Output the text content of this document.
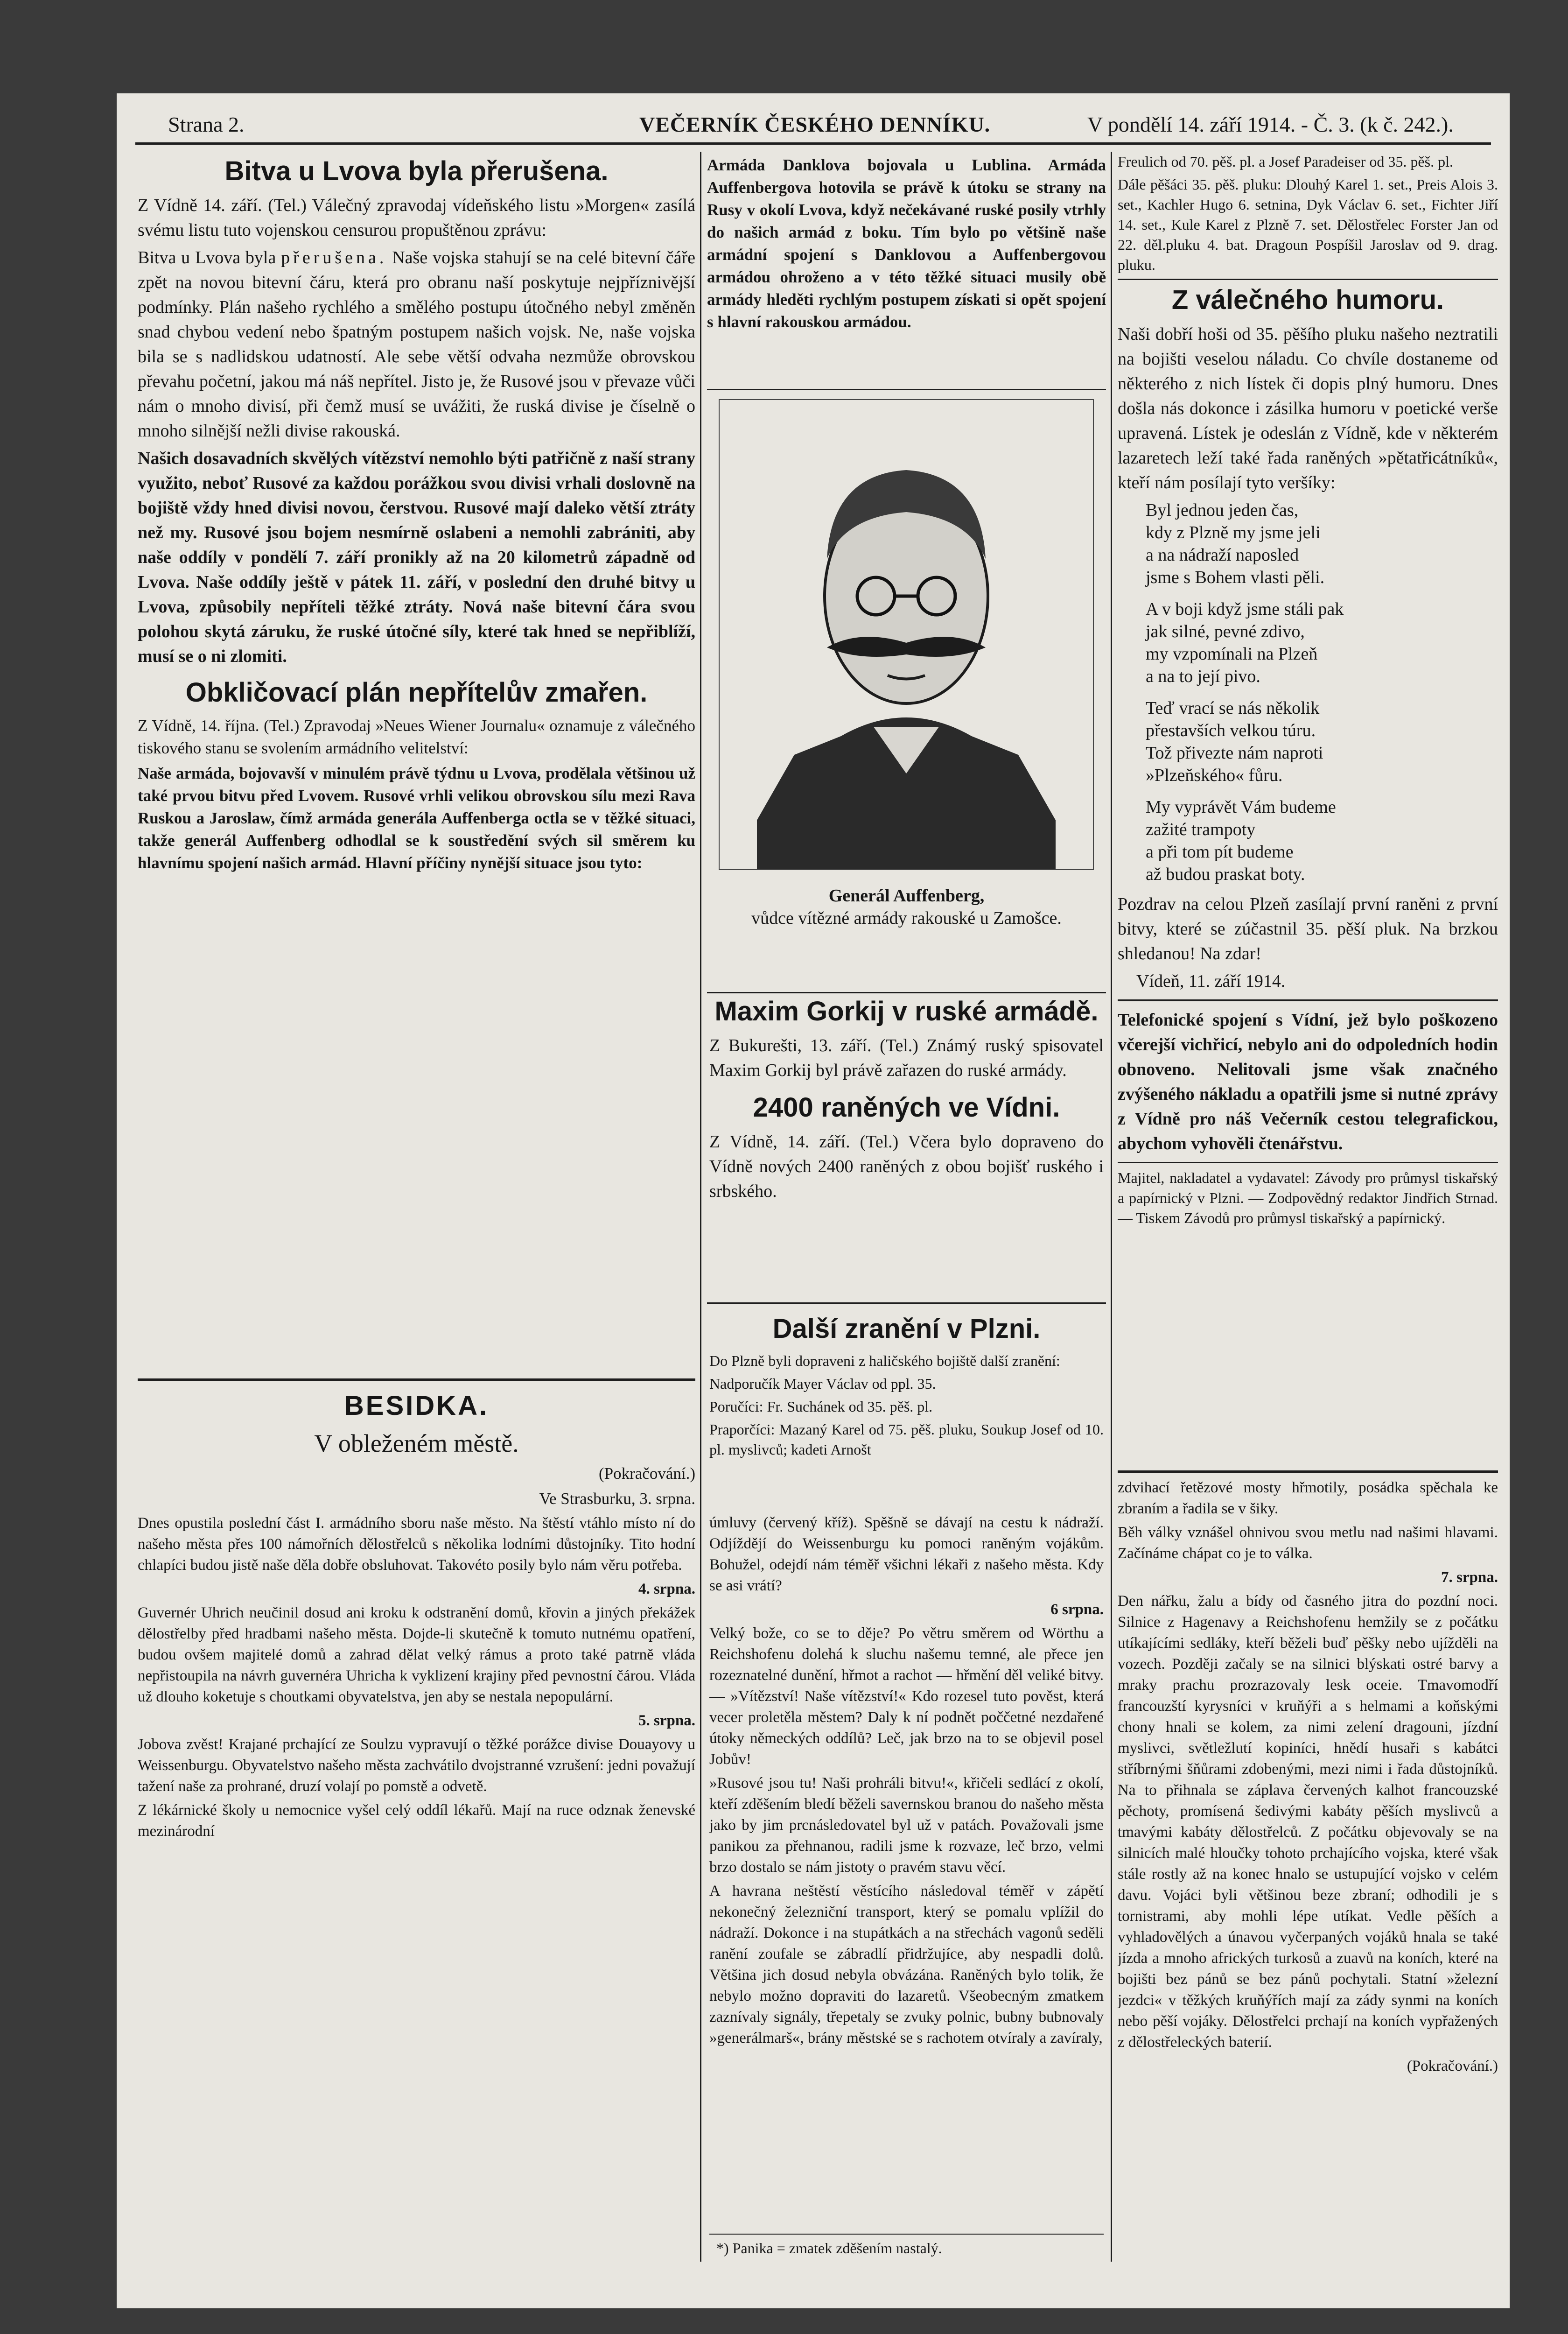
Strana 2.	VEČERNÍK ČESKÉHO DENNÍKU.	V pondělí 14. září 1914. - Č. 3. (k č. 242.).
Bitva u Lvova byla přerušena.

Z Vídně 14. září. (Tel.) Válečný zpravodaj vídeňského listu »Morgen« zasílá svému listu tuto vojenskou censurou propuštěnou zprávu:

Bitva u Lvova byla přerušena. Naše vojska stahují se na celé bitevní čáře zpět na novou bitevní čáru, která pro obranu naší poskytuje nejpříznivější podmínky. Plán našeho rychlého a smělého postupu útočného nebyl změněn snad chybou vedení nebo špatným postupem našich vojsk. Ne, naše vojska bila se s nadlidskou udatností. Ale sebe větší odvaha nezmůže obrovskou převahu početní, jakou má náš nepřítel. Jisto je, že Rusové jsou v převaze vůči nám o mnoho divisí, při čemž musí se uvážiti, že ruská divise je číselně o mnoho silnější nežli divise rakouská.

Našich dosavadních skvělých vítězství nemohlo býti patřičně z naší strany využito, neboť Rusové za každou porážkou svou divisi vrhali doslovně na bojiště vždy hned divisi novou, čerstvou. Rusové mají daleko větší ztráty než my. Rusové jsou bojem nesmírně oslabeni a nemohli zabrániti, aby naše oddíly v pondělí 7. září pronikly až na 20 kilometrů západně od Lvova. Naše oddíly ještě v pátek 11. září, v poslední den druhé bitvy u Lvova, způsobily nepříteli těžké ztráty. Nová naše bitevní čára svou polohou skytá záruku, že ruské útočné síly, které tak hned se nepřiblíží, musí se o ni zlomiti.

Obkličovací plán nepřítelův zmařen.

Z Vídně, 14. října. (Tel.) Zpravodaj »Neues Wiener Journalu« oznamuje z válečného tiskového stanu se svolením armádního velitelství:

Naše armáda, bojovavší v minulém právě týdnu u Lvova, prodělala většinou už také prvou bitvu před Lvovem. Rusové vrhli velikou obrovskou sílu mezi Rava Ruskou a Jaroslaw, čímž armáda generála Auffenberga octla se v těžké situaci, takže generál Auffenberg odhodlal se k soustředění svých sil směrem ku hlavnímu spojení našich armád. Hlavní příčiny nynější situace jsou tyto:

Armáda Danklova bojovala u Lublina. Armáda Auffenbergova hotovila se právě k útoku se strany na Rusy v okolí Lvova, když nečekávané ruské posily vtrhly do našich armád z boku. Tím bylo po většině naše armádní spojení s Danklovou a Auffenbergovou armádou ohroženo a v této těžké situaci musily obě armády hleděti rychlým postupem získati si opět spojení s hlavní rakouskou armádou.

Generál Auffenberg,
vůdce vítězné armády rakouské u Zamošce.
Maxim Gorkij v ruské armádě.

Z Bukurešti, 13. září. (Tel.) Známý ruský spisovatel Maxim Gorkij byl právě zařazen do ruské armády.

2400 raněných ve Vídni.

Z Vídně, 14. září. (Tel.) Včera bylo dopraveno do Vídně nových 2400 raněných z obou bojišť ruského i srbského.

Další zranění v Plzni.

Do Plzně byli dopraveni z haličského bojiště další zranění:

Nadporučík Mayer Václav od ppl. 35.

Poručíci: Fr. Suchánek od 35. pěš. pl.

Praporčíci: Mazaný Karel od 75. pěš. pluku, Soukup Josef od 10. pl. myslivců; kadeti Arnošt

Freulich od 70. pěš. pl. a Josef Paradeiser od 35. pěš. pl.

Dále pěšáci 35. pěš. pluku: Dlouhý Karel 1. set., Preis Alois 3. set., Kachler Hugo 6. setnina, Dyk Václav 6. set., Fichter Jiří 14. set., Kule Karel z Plzně 7. set. Dělostřelec Forster Jan od 22. děl.pluku 4. bat. Dragoun Pospíšil Jaroslav od 9. drag. pluku.

Z válečného humoru.

Naši dobří hoši od 35. pěšího pluku našeho neztratili na bojišti veselou náladu. Co chvíle dostaneme od některého z nich lístek či dopis plný humoru. Dnes došla nás dokonce i zásilka humoru v poetické verše upravená. Lístek je odeslán z Vídně, kde v některém lazaretech leží také řada raněných »pětatřicátníků«, kteří nám posílají tyto veršíky:

Byl jednou jeden čas,

kdy z Plzně my jsme jeli

a na nádraží naposled

jsme s Bohem vlasti pěli.

A v boji když jsme stáli pak

jak silné, pevné zdivo,

my vzpomínali na Plzeň

a na to její pivo.

Teď vrací se nás několik

přestavších velkou túru.

Tož přivezte nám naproti

»Plzeňského« fůru.

My vyprávět Vám budeme

zažité trampoty

a při tom pít budeme

až budou praskat boty.

Pozdrav na celou Plzeň zasílají první raněni z první bitvy, které se zúčastnil 35. pěší pluk. Na brzkou shledanou! Na zdar!

Vídeň, 11. září 1914.

Telefonické spojení s Vídní, jež bylo poškozeno včerejší vichřicí, nebylo ani do odpoledních hodin obnoveno. Nelitovali jsme však značného zvýšeného nákladu a opatřili jsme si nutné zprávy z Vídně pro náš Večerník cestou telegrafickou, abychom vyhověli čtenářstvu.

Majitel, nakladatel a vydavatel: Závody pro průmysl tiskařský a papírnický v Plzni. — Zodpovědný redaktor Jindřich Strnad. — Tiskem Závodů pro průmysl tiskařský a papírnický.

BESIDKA.
V obleženém městě.

(Pokračování.)

Ve Strasburku, 3. srpna.

Dnes opustila poslední část I. armádního sboru naše město. Na štěstí vtáhlo místo ní do našeho města přes 100 námořních dělostřelců s několika lodními důstojníky. Tito hodní chlapíci budou jistě naše děla dobře obsluhovat. Takovéto posily bylo nám věru potřeba.

4. srpna.

Guvernér Uhrich neučinil dosud ani kroku k odstranění domů, křovin a jiných překážek dělostřelby před hradbami našeho města. Dojde-li skutečně k tomuto nutnému opatření, budou ovšem majitelé domů a zahrad dělat velký rámus a proto také patrně vláda nepřistoupila na návrh guvernéra Uhricha k vyklizení krajiny před pevnostní čárou. Vláda už dlouho koketuje s choutkami obyvatelstva, jen aby se nestala nepopulární.

5. srpna.

Jobova zvěst! Krajané prchající ze Soulzu vypravují o těžké porážce divise Douayovy u Weissenburgu. Obyvatelstvo našeho města zachvátilo dvojstranné vzrušení: jedni považují tažení naše za prohrané, druzí volají po pomstě a odvetě.

Z lékárnické školy u nemocnice vyšel celý oddíl lékařů. Mají na ruce odznak ženevské mezinárodní

úmluvy (červený kříž). Spěšně se dávají na cestu k nádraží. Odjíždějí do Weissenburgu ku pomoci raněným vojákům. Bohužel, odejdí nám téměř všichni lékaři z našeho města. Kdy se asi vrátí?

6 srpna.

Velký bože, co se to děje? Po větru směrem od Wörthu a Reichshofenu dolehá k sluchu našemu temné, ale přece jen rozeznatelné dunění, hřmot a rachot — hřmění děl veliké bitvy. — »Vítězství! Naše vítězství!« Kdo rozesel tuto pověst, která vecer proletěla městem? Daly k ní podnět poččetné nezdařené útoky německých oddílů? Leč, jak brzo na to se objevil posel Jobův!

»Rusové jsou tu! Naši prohráli bitvu!«, křičeli sedlácí z okolí, kteří zděšením bledí běželi savernskou branou do našeho města jako by jim prcnásledovatel byl už v patách. Považovali jsme panikou za přehnanou, radili jsme k rozvaze, leč brzo, velmi brzo dostalo se nám jistoty o pravém stavu věcí.

A havrana neštěstí věstícího následoval téměř v zápětí nekonečný železniční transport, který se pomalu vplížil do nádraží. Dokonce i na stupátkách a na střechách vagonů seděli ranění zoufale se zábradlí přidržujíce, aby nespadli dolů. Většina jich dosud nebyla obvázána. Raněných bylo tolik, že nebylo možno dopraviti do lazaretů. Všeobecným zmatkem zaznívaly signály, třepetaly se zvuky polnic, bubny bubnovaly »generálmarš«, brány městské se s rachotem otvíraly a zavíraly,

*) Panika = zmatek zděšením nastalý.

zdvihací řetězové mosty hřmotily, posádka spěchala ke zbraním a řadila se v šiky.

Běh války vznášel ohnivou svou metlu nad našimi hlavami. Začínáme chápat co je to válka.

7. srpna.

Den nářku, žalu a bídy od časného jitra do pozdní noci. Silnice z Hagenavy a Reichshofenu hemžily se z počátku utíkajícími sedláky, kteří běželi buď pěšky nebo ujížděli na vozech. Později začaly se na silnici blýskati ostré barvy a mraky prachu prozrazovaly lesk oceie. Tmavomodří francouzští kyrysníci v kruňýři a s helmami a koňskými chony hnali se kolem, za nimi zelení dragouni, jízdní myslivci, světležlutí kopiníci, hnědí husaři s kabátci stříbrnými šňůrami zdobenými, mezi nimi i řada důstojníků. Na to přihnala se záplava červených kalhot francouzské pěchoty, promísená šedivými kabáty pěších myslivců a tmavými kabáty dělostřelců. Z počátku objevovaly se na silnicích malé hloučky tohoto prchajícího vojska, které však stále rostly až na konec hnalo se ustupující vojsko v celém davu. Vojáci byli většinou beze zbraní; odhodili je s tornistrami, aby mohli lépe utíkat. Vedle pěších a vyhladovělých a únavou vyčerpaných vojáků hnala se také jízda a mnoho afrických turkosů a zuavů na koních, které na bojišti bez pánů se bez pánů pochytali. Statní »železní jezdci« v těžkých kruňýřích mají za zády synmi na koních nebo pěší vojáky. Dělostřelci prchají na koních vypřažených z dělostřeleckých baterií.

(Pokračování.)
